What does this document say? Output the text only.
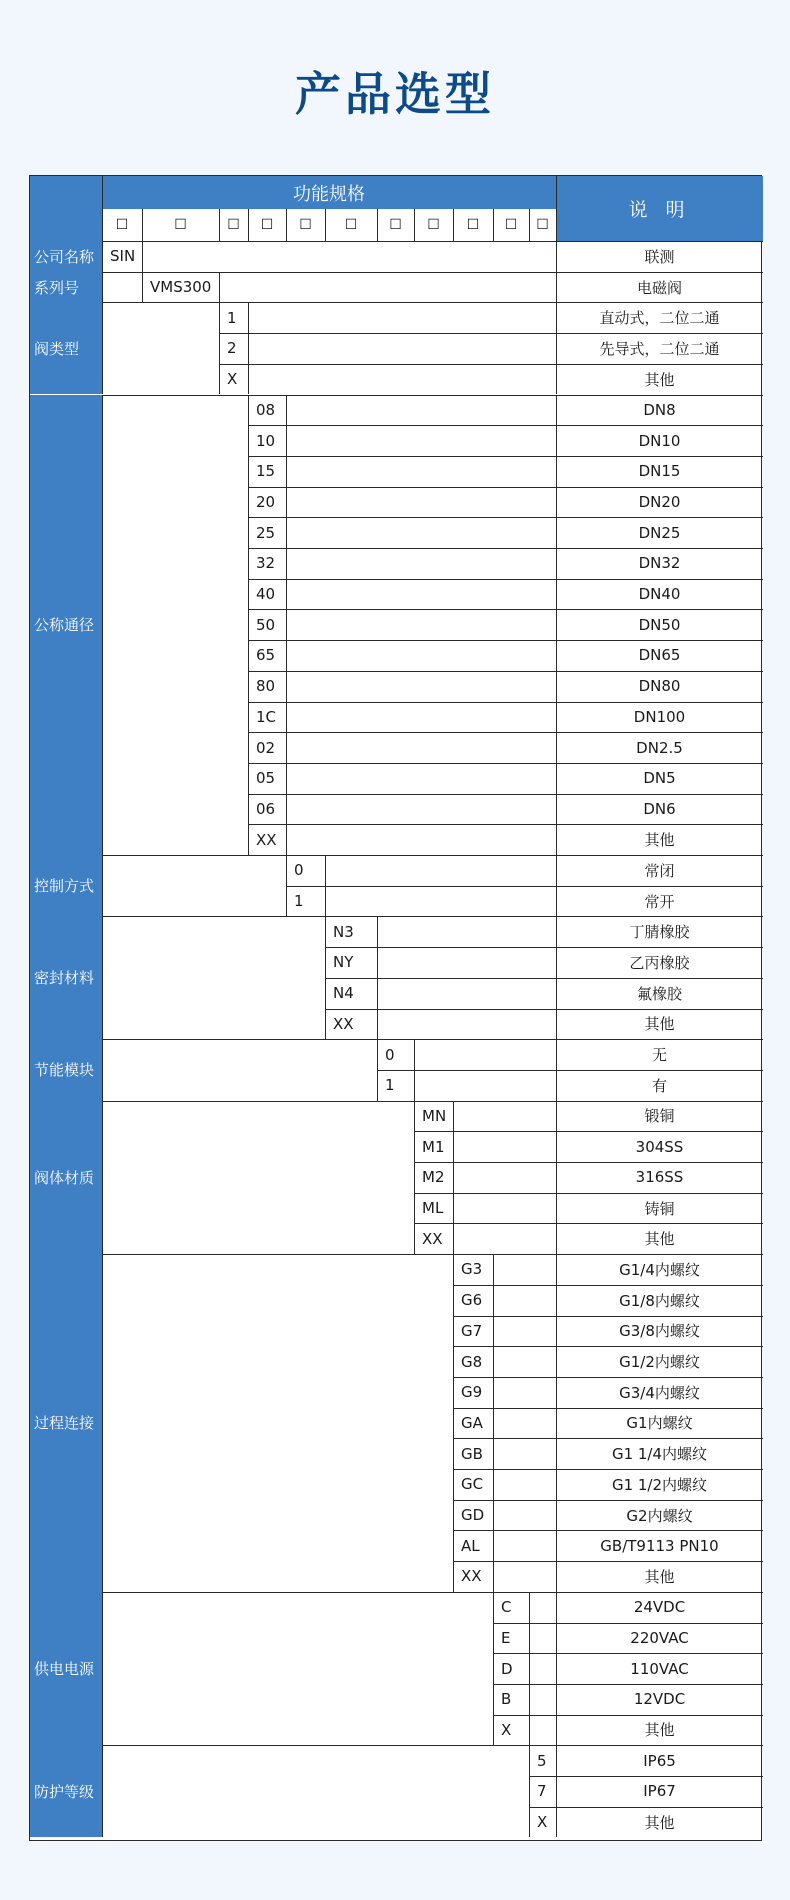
产品选型
功能规格
说 明
☐	☐	☐	☐	☐	☐	☐	☐	☐	☐	☐
公司名称	SIN	联测
系列号	VMS300	电磁阀
阀类型
1	直动式，二位二通
2	先导式，二位二通
X	其他
公称通径
08	DN8
10	DN10
15	DN15
20	DN20
25	DN25
32	DN32
40	DN40
50	DN50
65	DN65
80	DN80
1C	DN100
02	DN2.5
05	DN5
06	DN6
XX	其他
控制方式
0	常闭
1	常开
密封材料
N3	丁腈橡胶
NY	乙丙橡胶
N4	氟橡胶
XX	其他
节能模块
0	无
1	有
阀体材质
MN	锻铜
M1	304SS
M2	316SS
ML	铸铜
XX	其他
过程连接
G3	G1/4内螺纹
G6	G1/8内螺纹
G7	G3/8内螺纹
G8	G1/2内螺纹
G9	G3/4内螺纹
GA	G1内螺纹
GB	G1 1/4内螺纹
GC	G1 1/2内螺纹
GD	G2内螺纹
AL	GB/T9113 PN10
XX	其他
供电电源
C	24VDC
E	220VAC
D	110VAC
B	12VDC
X	其他
防护等级
5	IP65
7	IP67
X	其他
